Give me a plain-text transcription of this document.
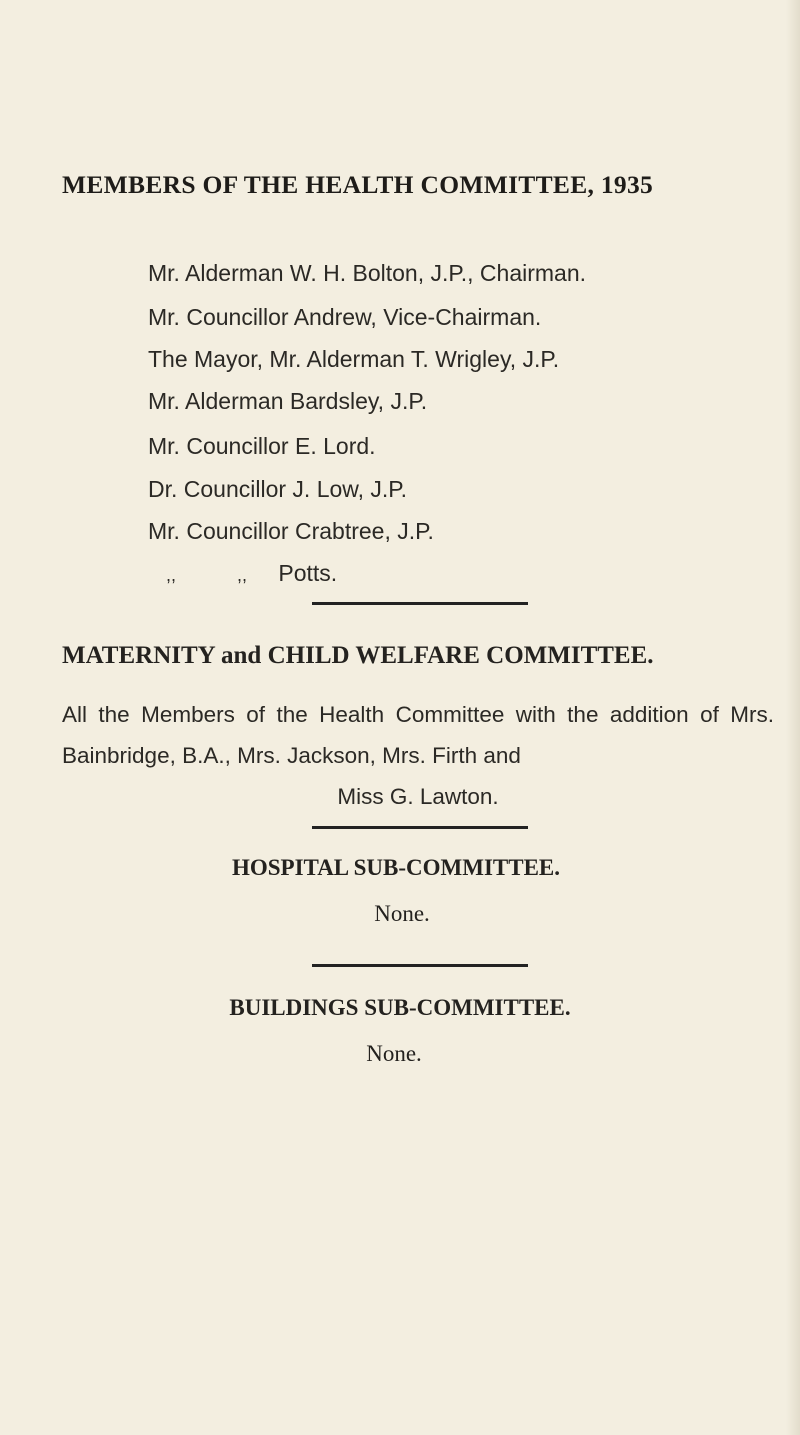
MEMBERS OF THE HEALTH COMMITTEE, 1935
Mr. Alderman W. H. Bolton, J.P., Chairman.
Mr. Councillor Andrew, Vice-Chairman.
The Mayor, Mr. Alderman T. Wrigley, J.P.
Mr. Alderman Bardsley, J.P.
Mr. Councillor E. Lord.
Dr. Councillor J. Low, J.P.
Mr. Councillor Crabtree, J.P.
,,	,, Potts.
MATERNITY and CHILD WELFARE COMMITTEE.

All the Members of the Health Committee with the addition of Mrs. Bainbridge, B.A., Mrs. Jackson, Mrs. Firth and
Miss G. Lawton.

HOSPITAL SUB-COMMITTEE.

None.

BUILDINGS SUB-COMMITTEE.

None.
